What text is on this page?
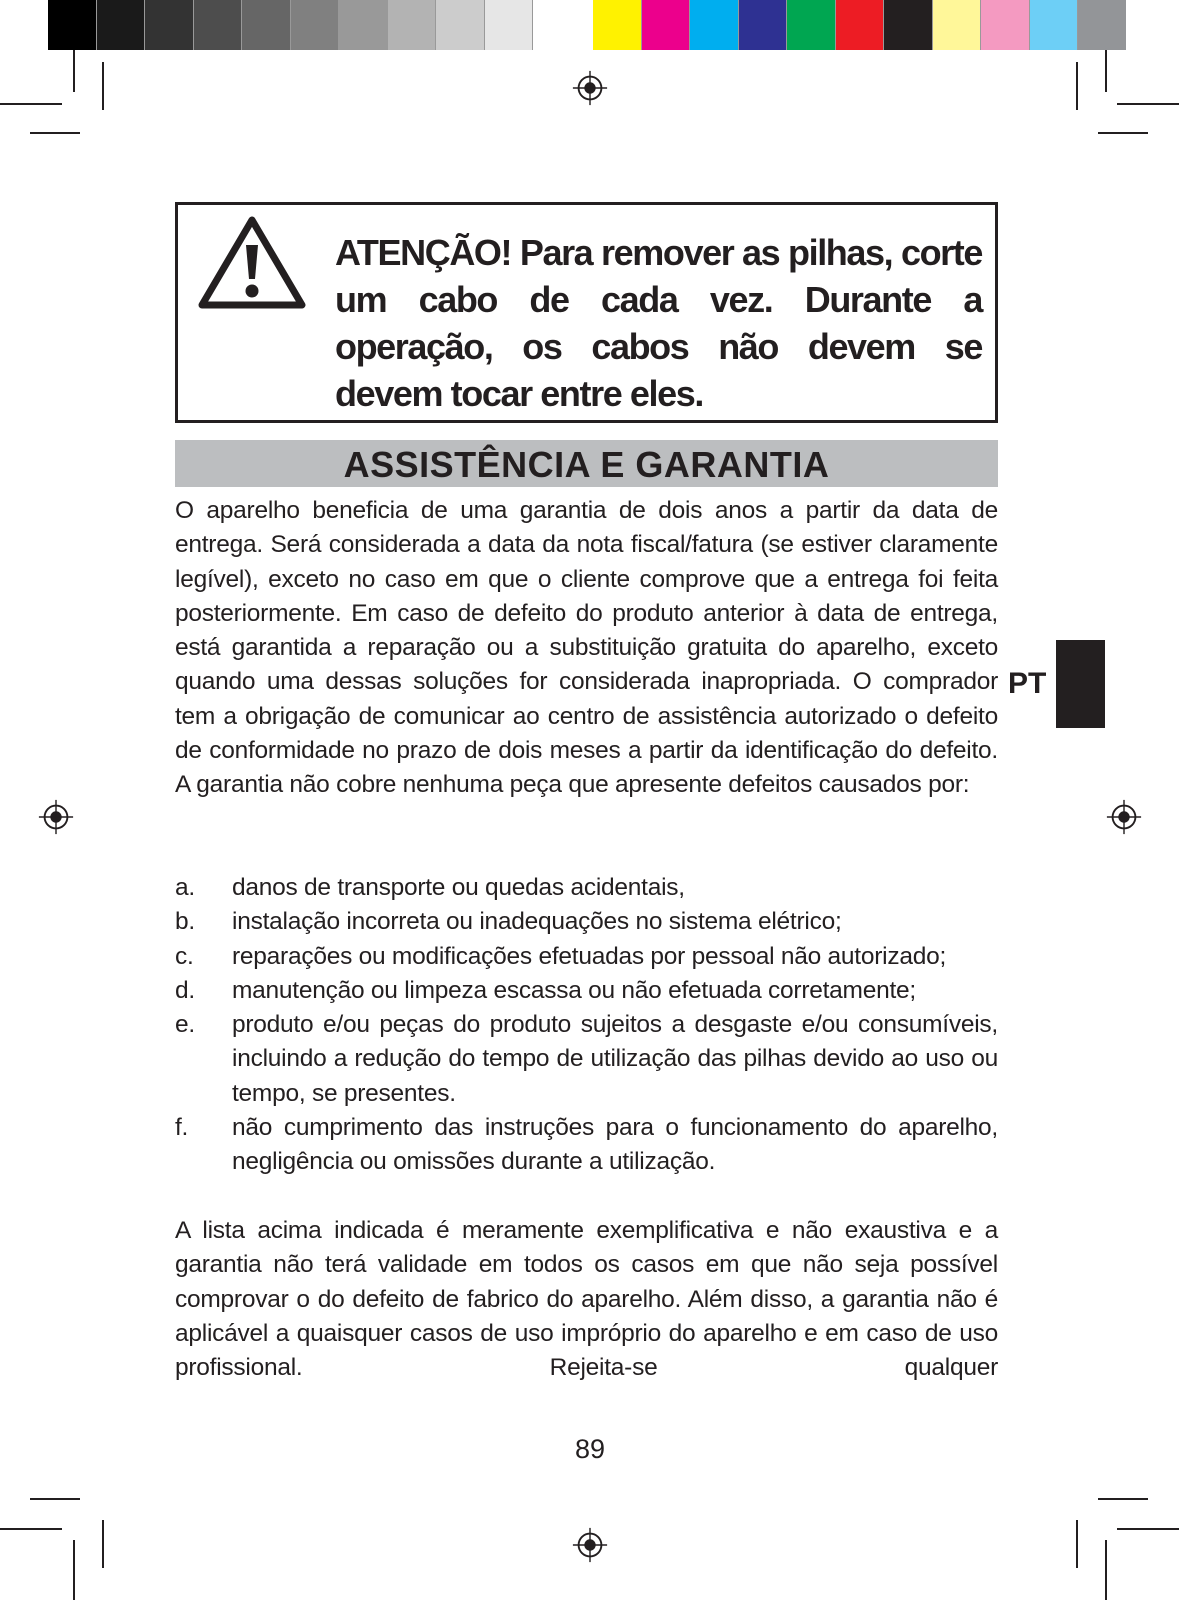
ATENÇÃO! Para remover as pilhas, corte um cabo de cada vez. Durante a operação, os cabos não devem se devem tocar entre eles.
ASSISTÊNCIA E GARANTIA
O aparelho beneficia de uma garantia de dois anos a partir da data de entrega. Será considerada a data da nota fiscal/fatura (se estiver claramente legível), exceto no caso em que o cliente comprove que a entrega foi feita posteriormente. Em caso de defeito do produto anterior à data de entrega, está garantida a reparação ou a substituição gratuita do aparelho, exceto quando uma dessas soluções for considerada inapropriada. O comprador tem a obrigação de comunicar ao centro de assistência autorizado o defeito de conformidade no prazo de dois meses a partir da identificação do defeito. A garantia não cobre nenhuma peça que apresente defeitos causados por:
a.	danos de transporte ou quedas acidentais,
b.	instalação incorreta ou inadequações no sistema elétrico;
c.	reparações ou modificações efetuadas por pessoal não autorizado;
d.	manutenção ou limpeza escassa ou não efetuada corretamente;
e.	produto e/ou peças do produto sujeitos a desgaste e/ou consumíveis, incluindo a redução do tempo de utilização das pilhas devido ao uso ou tempo, se presentes.
f.	não cumprimento das instruções para o funcionamento do aparelho, negligência ou omissões durante a utilização.
A lista acima indicada é meramente exemplificativa e não exaustiva e a garantia não terá validade em todos os casos em que não seja possível comprovar o do defeito de fabrico do aparelho. Além disso, a garantia não é aplicável a quaisquer casos de uso impróprio do aparelho e em caso de uso profissional. Rejeita-se qualquer
PT
89
